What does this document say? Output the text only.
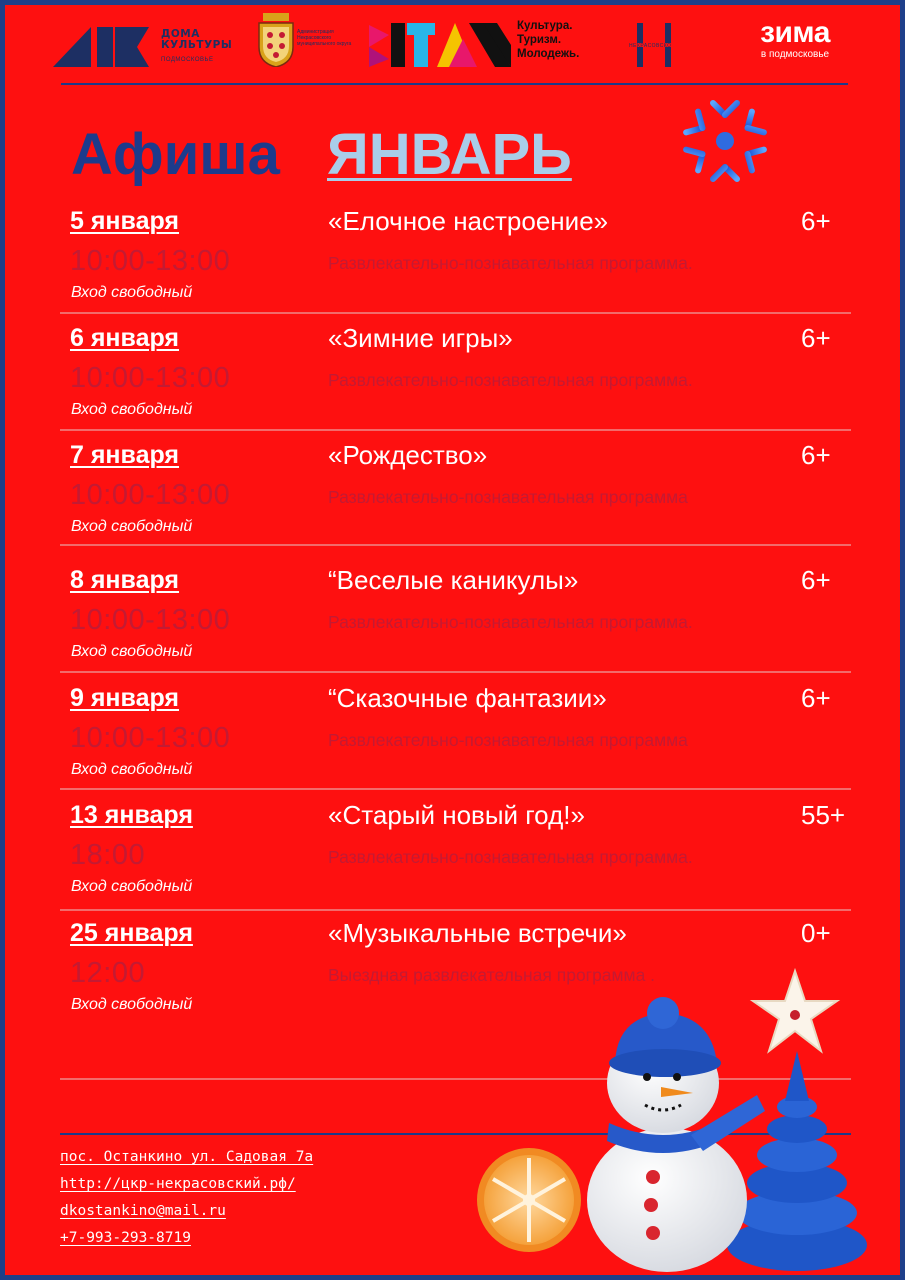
ДОМА
КУЛЬТУРЫ
ПОДМОСКОВЬЕ
Администрация Некрасовского муниципального округа
Культура.
Туризм.
Молодежь.
НЕКРАСОВСКО	зима
в подмосковье
Афиша ЯНВАРЬ
5 января
10:00-13:00
Вход свободный
«Елочное настроение»
Развлекательно-познавательная программа.
6+
6 января
10:00-13:00
Вход свободный
«Зимние игры»
Развлекательно-познавательная программа.
6+
7 января
10:00-13:00
Вход свободный
«Рождество»
Развлекательно-познавательная программа
6+
8 января
10:00-13:00
Вход свободный
“Веселые каникулы»
Развлекательно-познавательная программа.
6+
9 января
10:00-13:00
Вход свободный
“Сказочные фантазии»
Развлекательно-познавательная программа
6+
13 января
18:00
Вход свободный
«Старый новый год!»
Развлекательно-познавательная программа.
55+
25 января
12:00
Вход свободный
«Музыкальные встречи»
Выездная развлекательная программа .
0+
пос. Останкино ул. Садовая 7а
http://цкр-некрасовский.рф/
dkostankino@mail.ru
+7-993-293-8719
